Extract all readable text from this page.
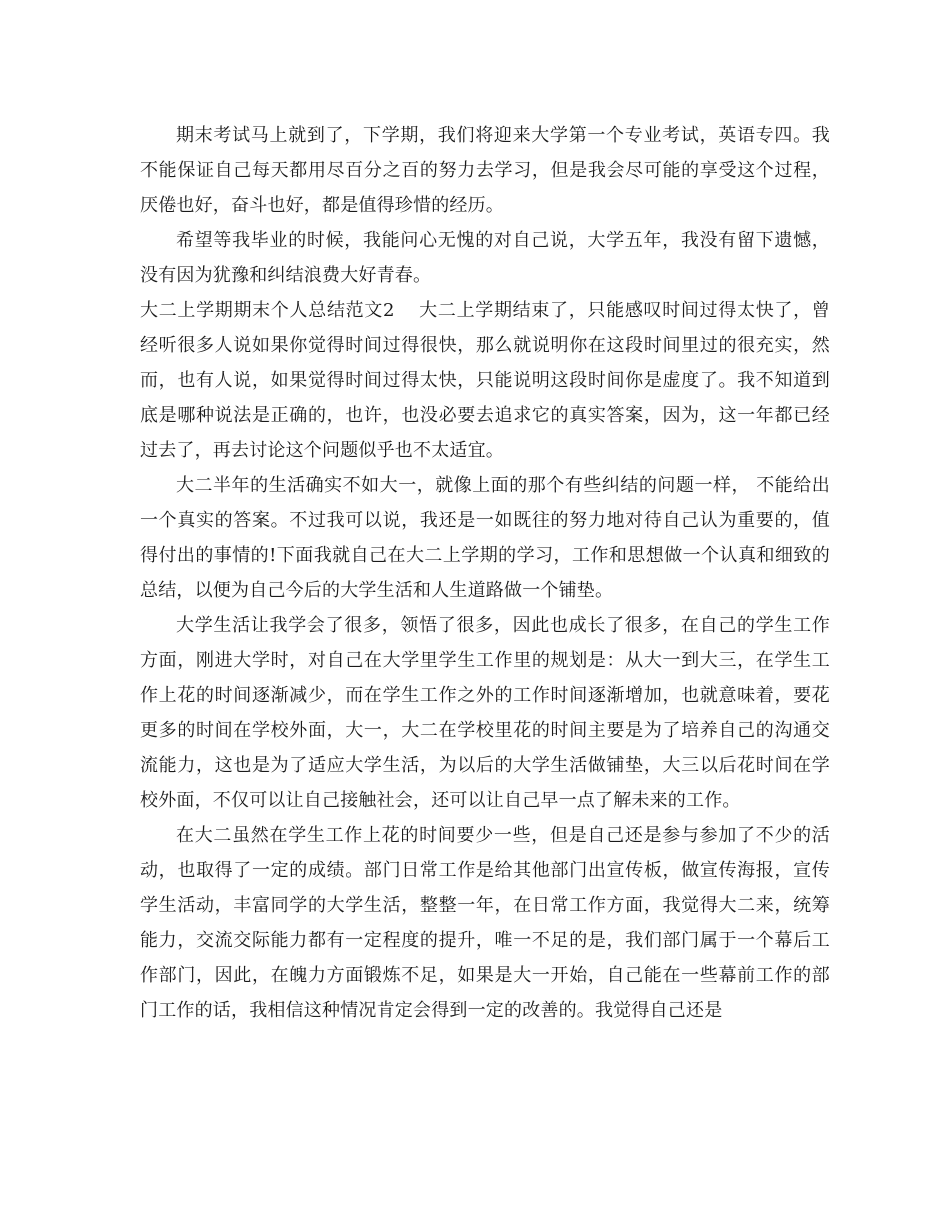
期末考试马上就到了，下学期，我们将迎来大学第一个专业考试，英语专四。我不能保证自己每天都用尽百分之百的努力去学习，但是我会尽可能的享受这个过程，厌倦也好，奋斗也好，都是值得珍惜的经历。

希望等我毕业的时候，我能问心无愧的对自己说，大学五年，我没有留下遗憾，没有因为犹豫和纠结浪费大好青春。

大二上学期期末个人总结范文2 大二上学期结束了，只能感叹时间过得太快了，曾经听很多人说如果你觉得时间过得很快，那么就说明你在这段时间里过的很充实，然而，也有人说，如果觉得时间过得太快，只能说明这段时间你是虚度了。我不知道到底是哪种说法是正确的，也许，也没必要去追求它的真实答案，因为，这一年都已经过去了，再去讨论这个问题似乎也不太适宜。

大二半年的生活确实不如大一，就像上面的那个有些纠结的问题一样， 不能给出一个真实的答案。不过我可以说，我还是一如既往的努力地对待自己认为重要的，值得付出的事情的!下面我就自己在大二上学期的学习，工作和思想做一个认真和细致的总结，以便为自己今后的大学生活和人生道路做一个铺垫。

大学生活让我学会了很多，领悟了很多，因此也成长了很多，在自己的学生工作方面，刚进大学时，对自己在大学里学生工作里的规划是：从大一到大三，在学生工作上花的时间逐渐减少，而在学生工作之外的工作时间逐渐增加，也就意味着，要花更多的时间在学校外面，大一，大二在学校里花的时间主要是为了培养自己的沟通交流能力，这也是为了适应大学生活，为以后的大学生活做铺垫，大三以后花时间在学校外面，不仅可以让自己接触社会，还可以让自己早一点了解未来的工作。

在大二虽然在学生工作上花的时间要少一些，但是自己还是参与参加了不少的活动，也取得了一定的成绩。部门日常工作是给其他部门出宣传板，做宣传海报，宣传学生活动，丰富同学的大学生活，整整一年，在日常工作方面，我觉得大二来，统筹能力，交流交际能力都有一定程度的提升，唯一不足的是，我们部门属于一个幕后工作部门，因此，在魄力方面锻炼不足，如果是大一开始，自己能在一些幕前工作的部门工作的话，我相信这种情况肯定会得到一定的改善的。我觉得自己还是
